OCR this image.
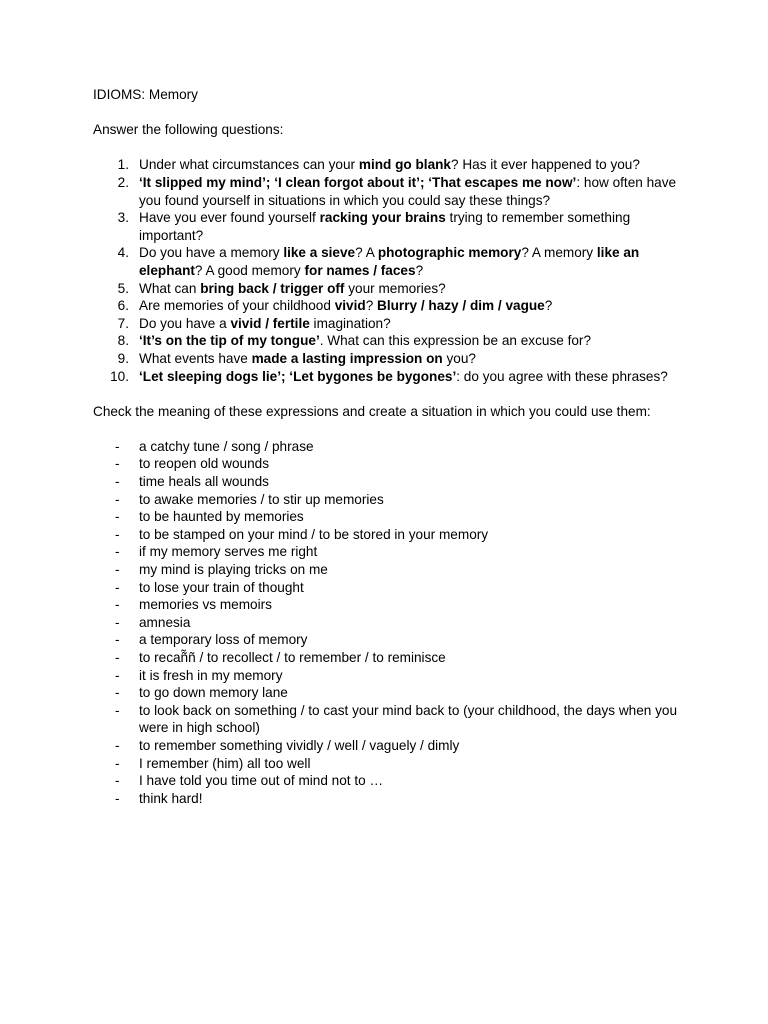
IDIOMS: Memory

Answer the following questions:

1. Under what circumstances can your mind go blank? Has it ever happened to you?
2. ‘It slipped my mind’; ‘I clean forgot about it’; ‘That escapes me now’: how often have you found yourself in situations in which you could say these things?
3. Have you ever found yourself racking your brains trying to remember something important?
4. Do you have a memory like a sieve? A photographic memory? A memory like an elephant? A good memory for names / faces?
5. What can bring back / trigger off your memories?
6. Are memories of your childhood vivid? Blurry / hazy / dim / vague?
7. Do you have a vivid / fertile imagination?
8. ‘It’s on the tip of my tongue’. What can this expression be an excuse for?
9. What events have made a lasting impression on you?
10. ‘Let sleeping dogs lie’; ‘Let bygones be bygones’: do you agree with these phrases?

Check the meaning of these expressions and create a situation in which you could use them:

- a catchy tune / song / phrase
- to reopen old wounds
- time heals all wounds
- to awake memories / to stir up memories
- to be haunted by memories
- to be stamped on your mind / to be stored in your memory
- if my memory serves me right
- my mind is playing tricks on me
- to lose your train of thought
- memories vs memoirs
- amnesia
- a temporary loss of memory
- to recañ̃ñ / to recollect / to remember / to reminisce
- it is fresh in my memory
- to go down memory lane
- to look back on something / to cast your mind back to (your childhood, the days when you were in high school)
- to remember something vividly / well / vaguely / dimly
- I remember (him) all too well
- I have told you time out of mind not to …
- think hard!
